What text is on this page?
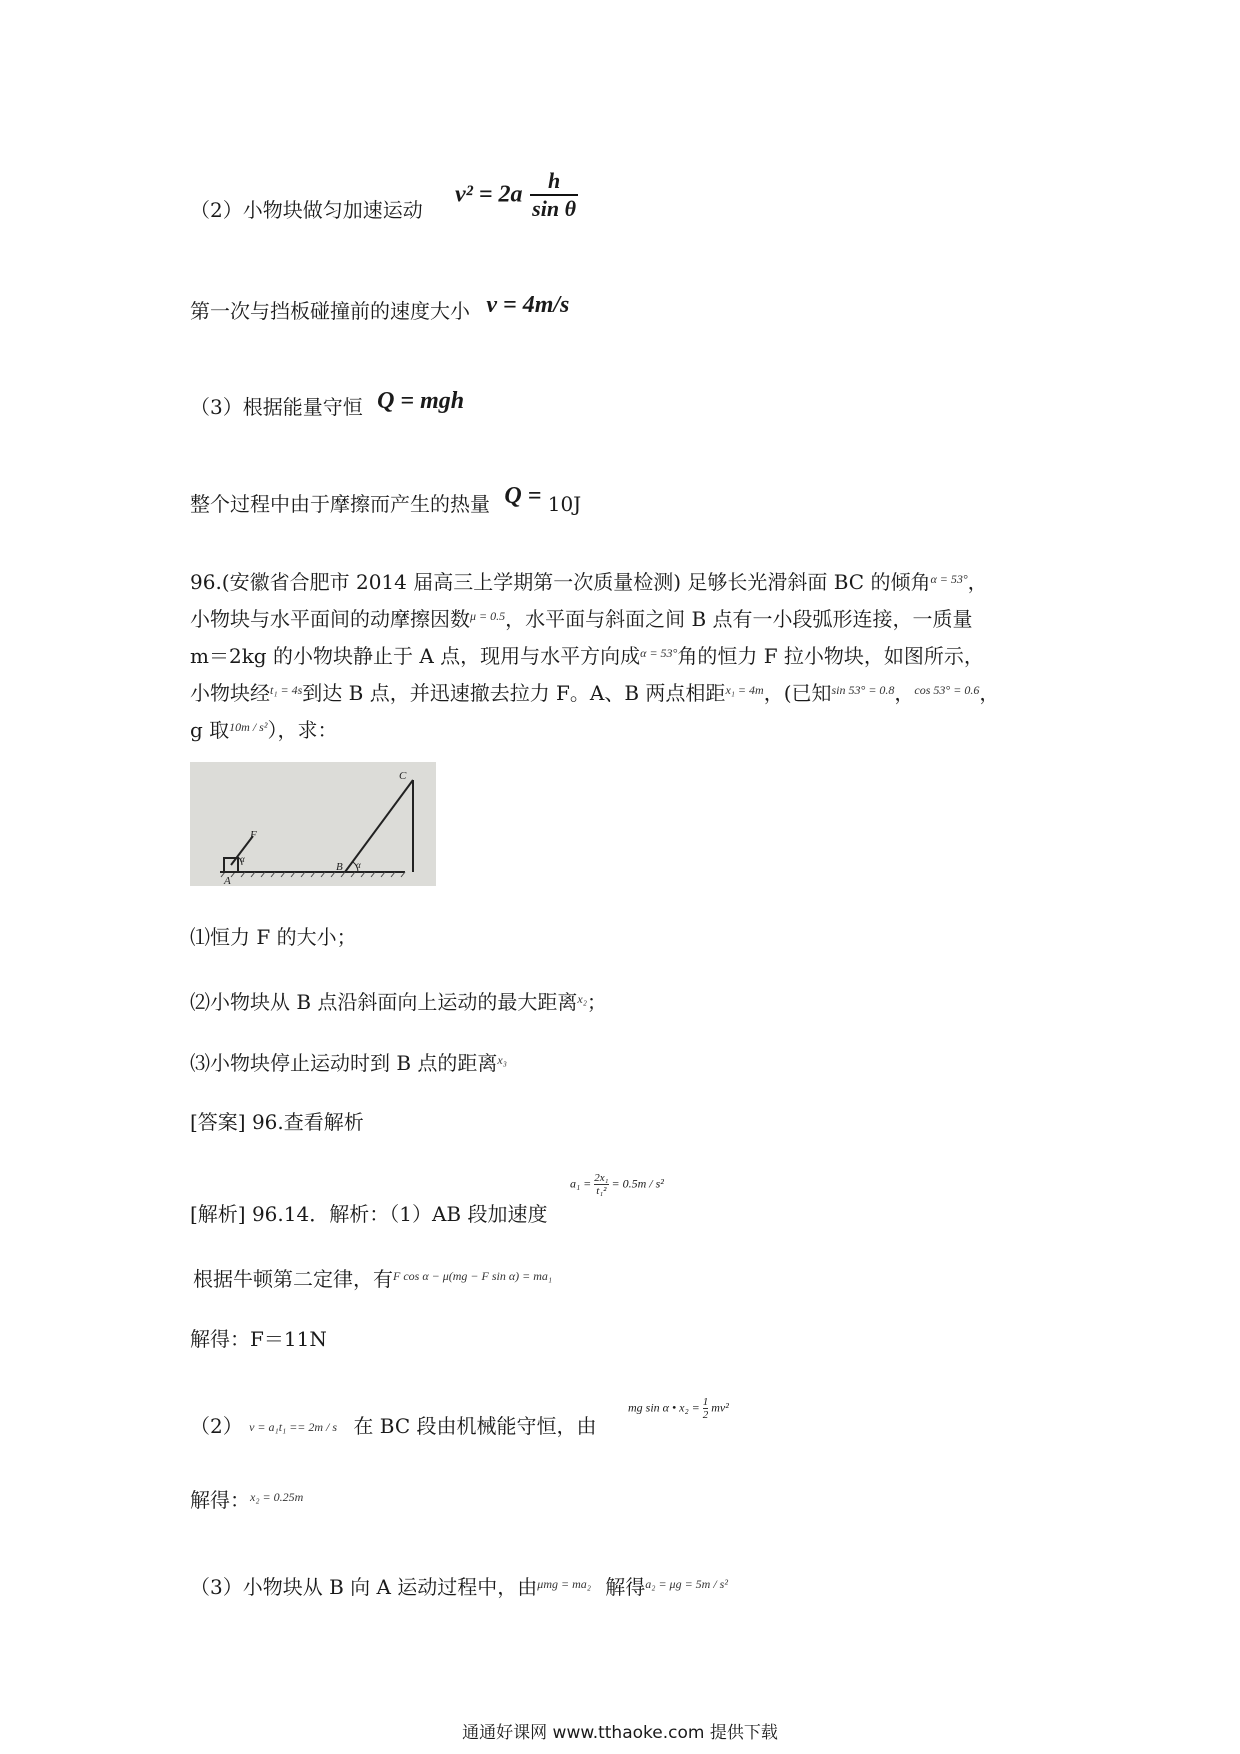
（2）小物块做匀加速运动
$v^2 = 2a \frac{h}{\text{sin θ}}$
第一次与挡板碰撞前的速度大小 v = 4m/s
（3）根据能量守恒 Q = mgh
整个过程中由于摩擦而产生的热量 Q = 10J
96.(安徽省合肥市 2014 届高三上学期第一次质量检测) 足够长光滑斜面 BC 的倾角$^{\alpha = 53^\circ}$，
小物块与水平面间的动摩擦因数$^{\mu = 0.5}$，水平面与斜面之间 B 点有一小段弧形连接，一质量
m＝2kg 的小物块静止于 A 点，现用与水平方向成$^{\alpha = 53^\circ}$角的恒力 F 拉小物块，如图所示，
小物块经$^{t_1 = 4s}$到达 B 点，并迅速撤去拉力 F。A、B 两点相距$^{x_1 = 4m}$，(已知$^{sin 53^\circ = 0.8}$，$^{cos 53^\circ = 0.6}$，
g 取$^{10m / s^2}$），求：
F
A
B
C
α
α
⑴恒力 F 的大小；
⑵小物块从 B 点沿斜面向上运动的最大距离$^{x_2}$；
⑶小物块停止运动时到 B 点的距离$^{x_3}$
[答案] 96.查看解析
[解析] 96.14．解析：（1）AB 段加速度
$a_1 = \frac{\text{2x₁}}{\text{t₁²}} = 0.5m / s^2$
根据牛顿第二定律，有$^{F cos \alpha - \mu(mg - F sin \alpha) = ma_1}$
解得：F＝11N
（2） v = a₁t₁ == 2m / s 在 BC 段由机械能守恒，由
mg sin α • $x_2 = \frac{1}{2} mv^2$
解得：$^{x_2 = 0.25m}$
（3）小物块从 B 向 A 运动过程中，由$^{\mu mg = ma_2}$ 解得$^{a_2 = \mu g = 5m / s^2}$
通通好课网 www.tthaoke.com 提供下载
